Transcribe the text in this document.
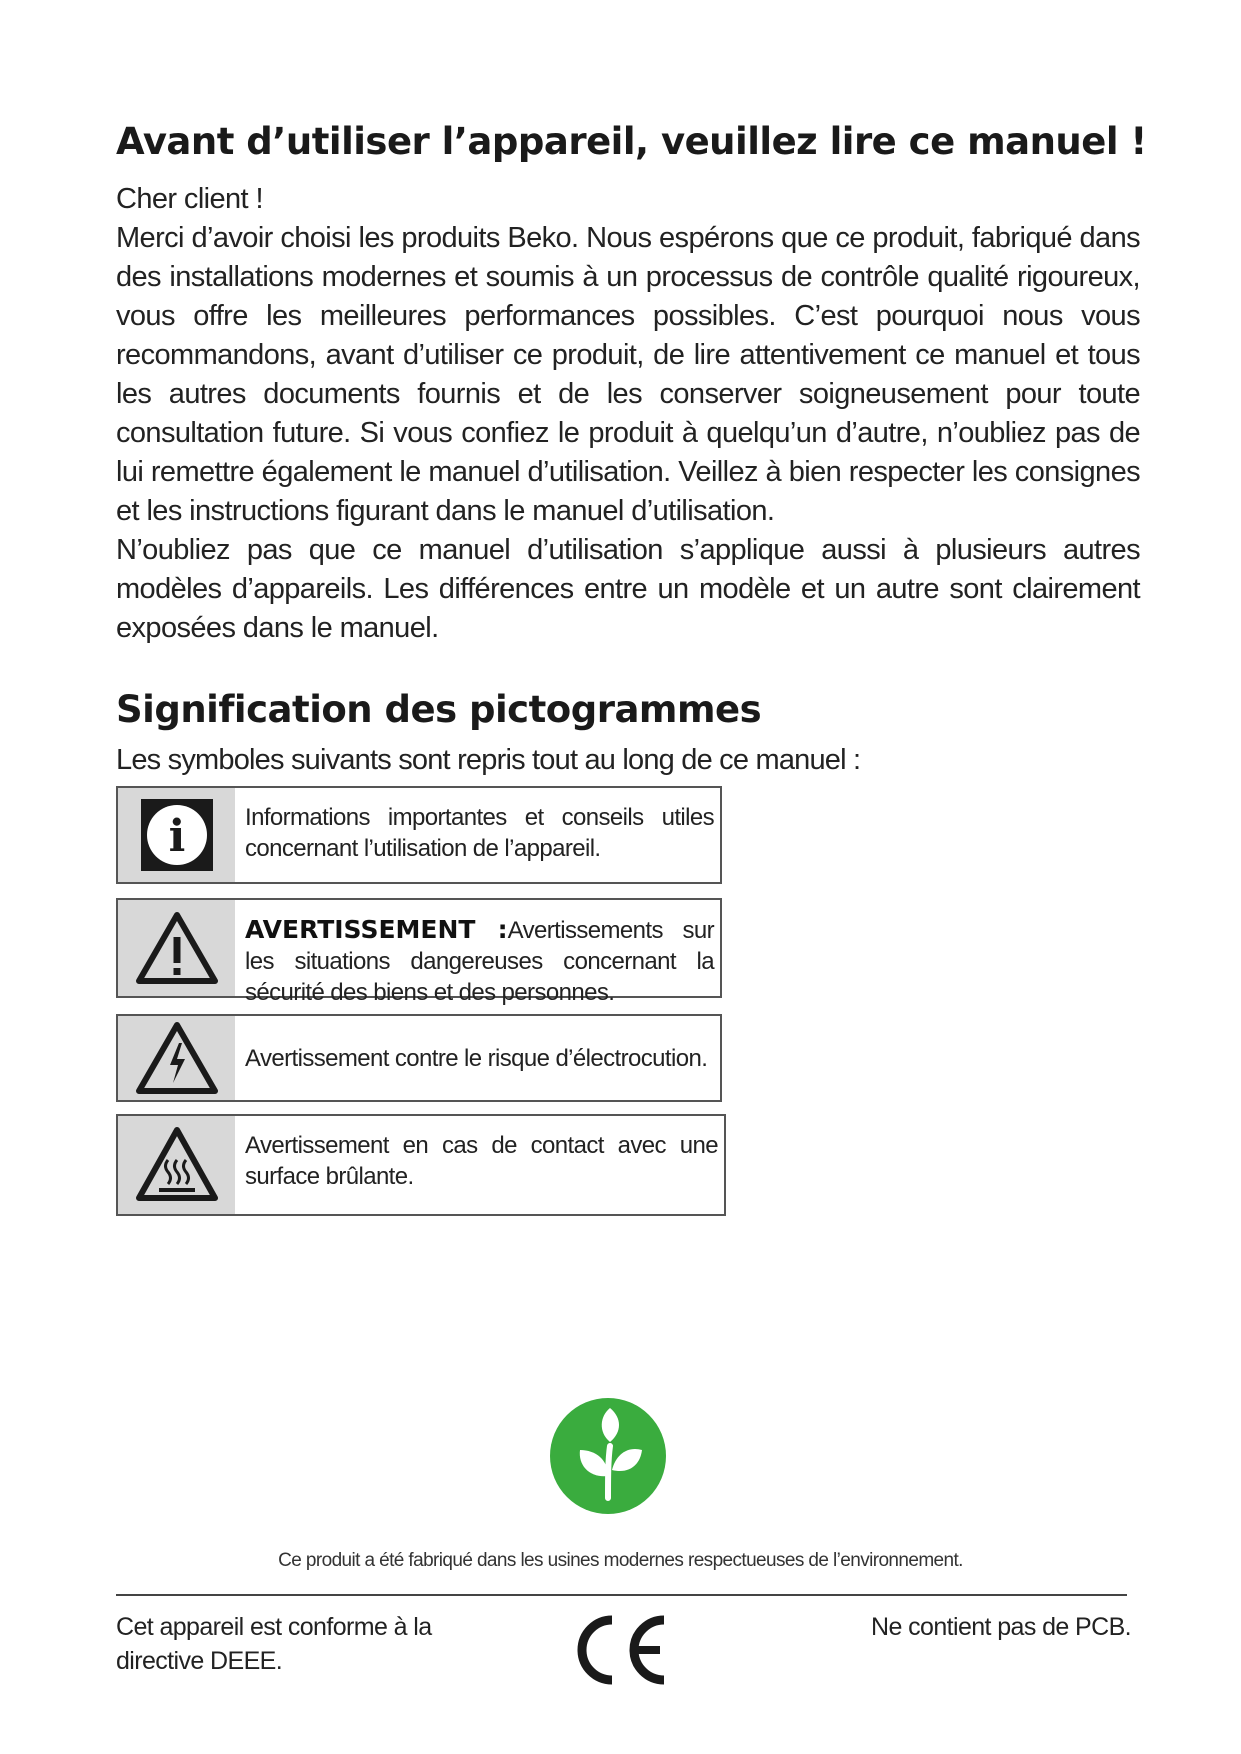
Avant d’utiliser l’appareil, veuillez lire ce manuel !

Cher client !

Merci d’avoir choisi les produits Beko. Nous espérons que ce produit, fabriqué dans des installations modernes et soumis à un processus de contrôle qualité rigoureux, vous offre les meilleures performances possibles. C’est pourquoi nous vous recommandons, avant d’utiliser ce produit, de lire attentivement ce manuel et tous les autres documents fournis et de les conserver soigneusement pour toute consultation future. Si vous confiez le produit à quelqu’un d’autre, n’oubliez pas de lui remettre également le manuel d’utilisation. Veillez à bien respecter les consignes et les instructions figurant dans le manuel d’utilisation.

N’oubliez pas que ce manuel d’utilisation s’applique aussi à plusieurs autres modèles d’appareils. Les différences entre un modèle et un autre sont clairement exposées dans le manuel.

Signification des pictogrammes
Les symboles suivants sont repris tout au long de ce manuel :
i	Informations importantes et conseils utiles concernant l’utilisation de l’appareil.
AVERTISSEMENT :Avertissements sur les situations dangereuses concernant la sécurité des biens et des personnes.
Avertissement contre le risque d’électrocution.
Avertissement en cas de contact avec une surface brûlante.
Ce produit a été fabriqué dans les usines modernes respectueuses de l’environnement.
Cet appareil est conforme à la directive DEEE.
Ne contient pas de PCB.
